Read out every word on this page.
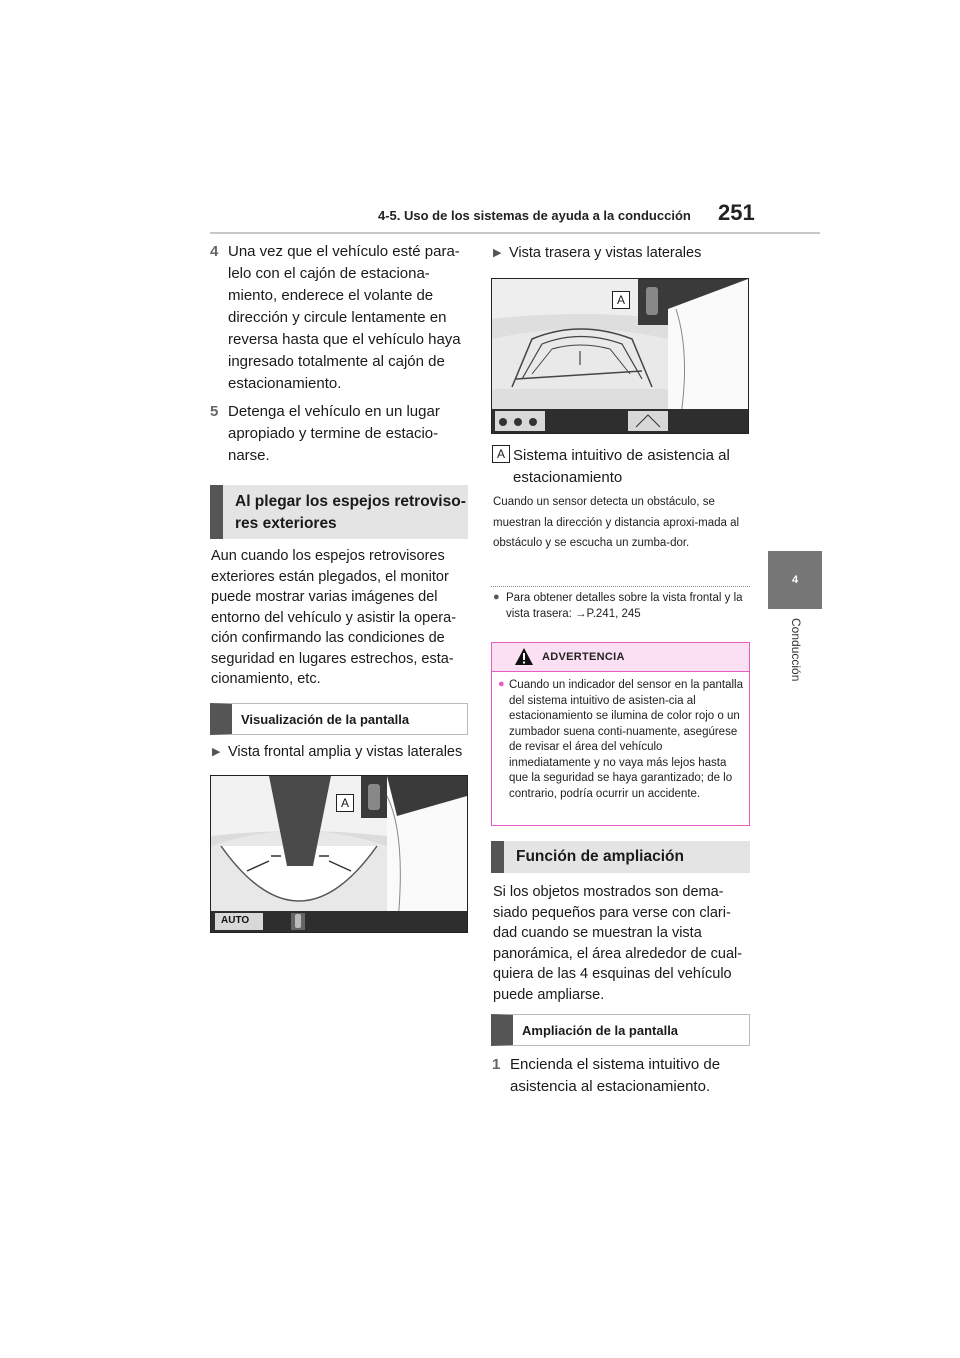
4-5. Uso de los sistemas de ayuda a la conducción 251
4
Conducción
4 Una vez que el vehículo esté para-lelo con el cajón de estaciona-miento, enderece el volante de dirección y circule lentamente en reversa hasta que el vehículo haya ingresado totalmente al cajón de estacionamiento.
5 Detenga el vehículo en un lugar apropiado y termine de estacio-narse.
Al plegar los espejos retroviso-res exteriores
Aun cuando los espejos retrovisores exteriores están plegados, el monitor puede mostrar varias imágenes del entorno del vehículo y asistir la opera-ción confirmando las condiciones de seguridad en lugares estrechos, esta-cionamiento, etc.
Visualización de la pantalla
▶ Vista frontal amplia y vistas laterales
A
AUTO
▶ Vista trasera y vistas laterales
A
A Sistema intuitivo de asistencia al estacionamiento
Cuando un sensor detecta un obstáculo, se muestran la dirección y distancia aproxi-mada al obstáculo y se escucha un zumba-dor.
● Para obtener detalles sobre la vista frontal y la vista trasera: →P.241, 245
ADVERTENCIA
● Cuando un indicador del sensor en la pantalla del sistema intuitivo de asisten-cia al estacionamiento se ilumina de color rojo o un zumbador suena conti-nuamente, asegúrese de revisar el área del vehículo inmediatamente y no vaya más lejos hasta que la seguridad se haya garantizado; de lo contrario, podría ocurrir un accidente.
Función de ampliación
Si los objetos mostrados son dema-siado pequeños para verse con clari-dad cuando se muestran la vista panorámica, el área alrededor de cual-quiera de las 4 esquinas del vehículo puede ampliarse.
Ampliación de la pantalla
1 Encienda el sistema intuitivo de asistencia al estacionamiento.
